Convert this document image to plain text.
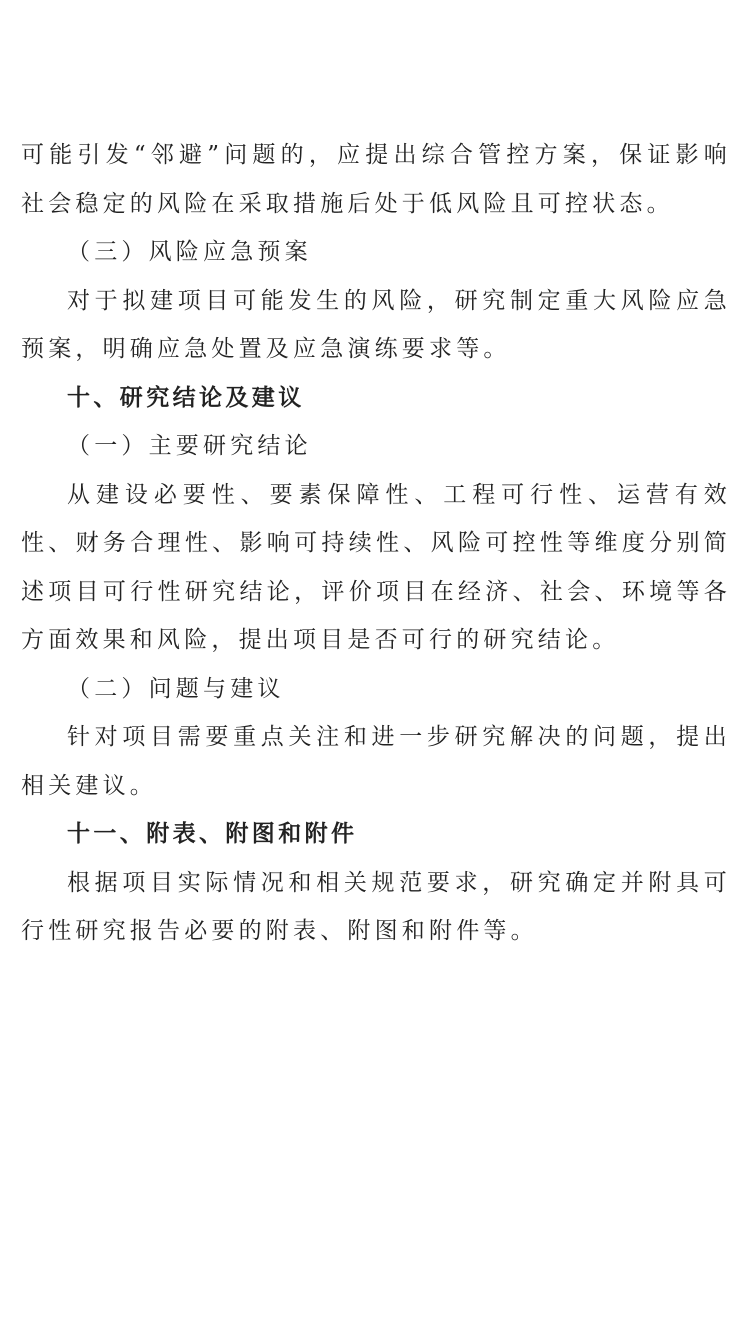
可能引发“邻避”问题的，应提出综合管控方案，保证影响社会稳定的风险在采取措施后处于低风险且可控状态。

（三）风险应急预案

对于拟建项目可能发生的风险，研究制定重大风险应急预案，明确应急处置及应急演练要求等。

十、研究结论及建议

（一）主要研究结论

从建设必要性、要素保障性、工程可行性、运营有效性、财务合理性、影响可持续性、风险可控性等维度分别简述项目可行性研究结论，评价项目在经济、社会、环境等各方面效果和风险，提出项目是否可行的研究结论。

（二）问题与建议

针对项目需要重点关注和进一步研究解决的问题，提出相关建议。

十一、附表、附图和附件

根据项目实际情况和相关规范要求，研究确定并附具可行性研究报告必要的附表、附图和附件等。
